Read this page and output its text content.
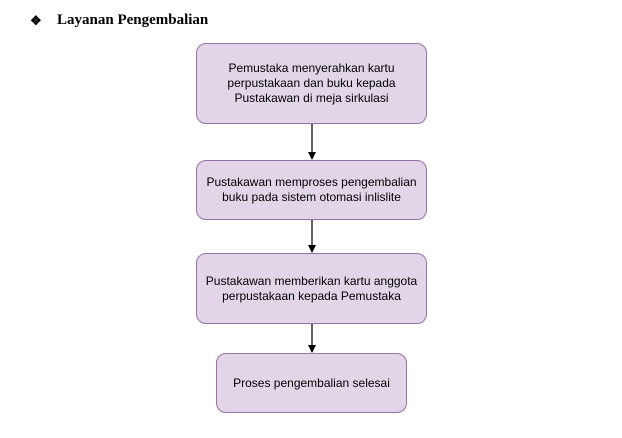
❖	Layanan Pengembalian
Pemustaka menyerahkan kartu perpustakaan dan buku kepada Pustakawan di meja sirkulasi
Pustakawan memproses pengembalian buku pada sistem otomasi inlislite
Pustakawan memberikan kartu anggota perpustakaan kepada Pemustaka
Proses pengembalian selesai
